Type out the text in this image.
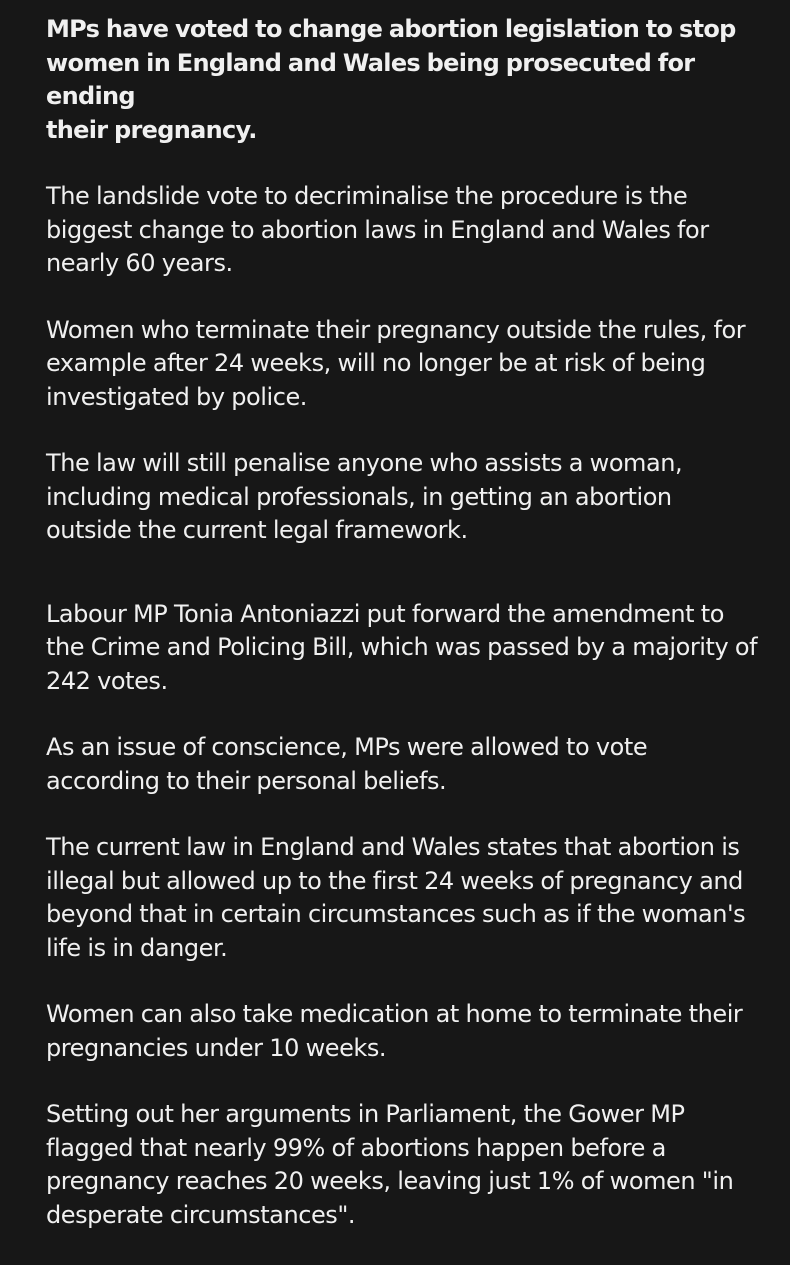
MPs have voted to change abortion legislation to stop
women in England and Wales being prosecuted for ending
their pregnancy.

The landslide vote to decriminalise the procedure is the
biggest change to abortion laws in England and Wales for
nearly 60 years.

Women who terminate their pregnancy outside the rules, for
example after 24 weeks, will no longer be at risk of being
investigated by police.

The law will still penalise anyone who assists a woman,
including medical professionals, in getting an abortion
outside the current legal framework.

Labour MP Tonia Antoniazzi put forward the amendment to
the Crime and Policing Bill, which was passed by a majority of
242 votes.

As an issue of conscience, MPs were allowed to vote
according to their personal beliefs.

The current law in England and Wales states that abortion is
illegal but allowed up to the first 24 weeks of pregnancy and
beyond that in certain circumstances such as if the woman's
life is in danger.

Women can also take medication at home to terminate their
pregnancies under 10 weeks.

Setting out her arguments in Parliament, the Gower MP
flagged that nearly 99% of abortions happen before a
pregnancy reaches 20 weeks, leaving just 1% of women "in
desperate circumstances".
